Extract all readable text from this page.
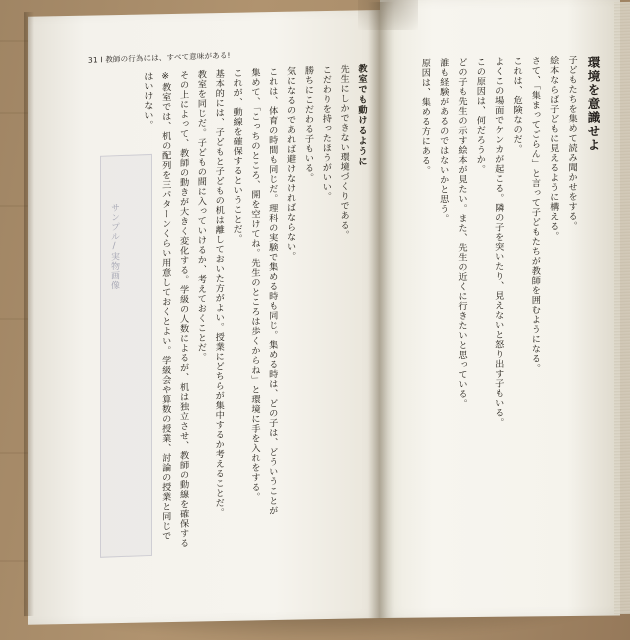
31 I 教師の行為には、すべて意味がある!
サンプル/実物画像
教室でも動けるように
先生にしかできない環境づくりである。
こだわりを持ったほうがいい。
勝ちにこだわる子もいる。
気になるのであれば避けなければならない。
これは、体育の時間も同じだ。理科の実験で集める時も同じ。集める時は、どの子は、どういうことが
集めて、「こっちのところ、開を空けてね。先生のところは歩くからね」と環境に手を入れをする。
これが、動線を確保するということだ。
基本的には、子どもと子どもの机は離しておいた方がよい。授業にどちらが集中するか考えることだ。
教室を同じだ。子どもの間に入っていけるか、考えておくことだ。
その上によって、教師の動きが大きく変化する。学級の人数によるが、机は独立させ、教師の動線を確保する
※教室では、机の配列を三パターンくらい用意しておくとよい。学級会や算数の授業、討論の授業と同じで
はいけない。	環境を意識せよ
子どもたちを集めて読み聞かせをする。
絵本ならば子どもに見えるように構える。
さて、「集まってごらん」と言って子どもたちが教師を囲むようになる。
これは、危険なのだ。
よくこの場面でケンカが起こる。隣の子を突いたり、見えないと怒り出す子もいる。
この原因は、何だろうか。
どの子も先生の示す絵本が見たい。また、先生の近くに行きたいと思っている。
誰も経験があるのではないかと思う。
原因は、集める方にある。
